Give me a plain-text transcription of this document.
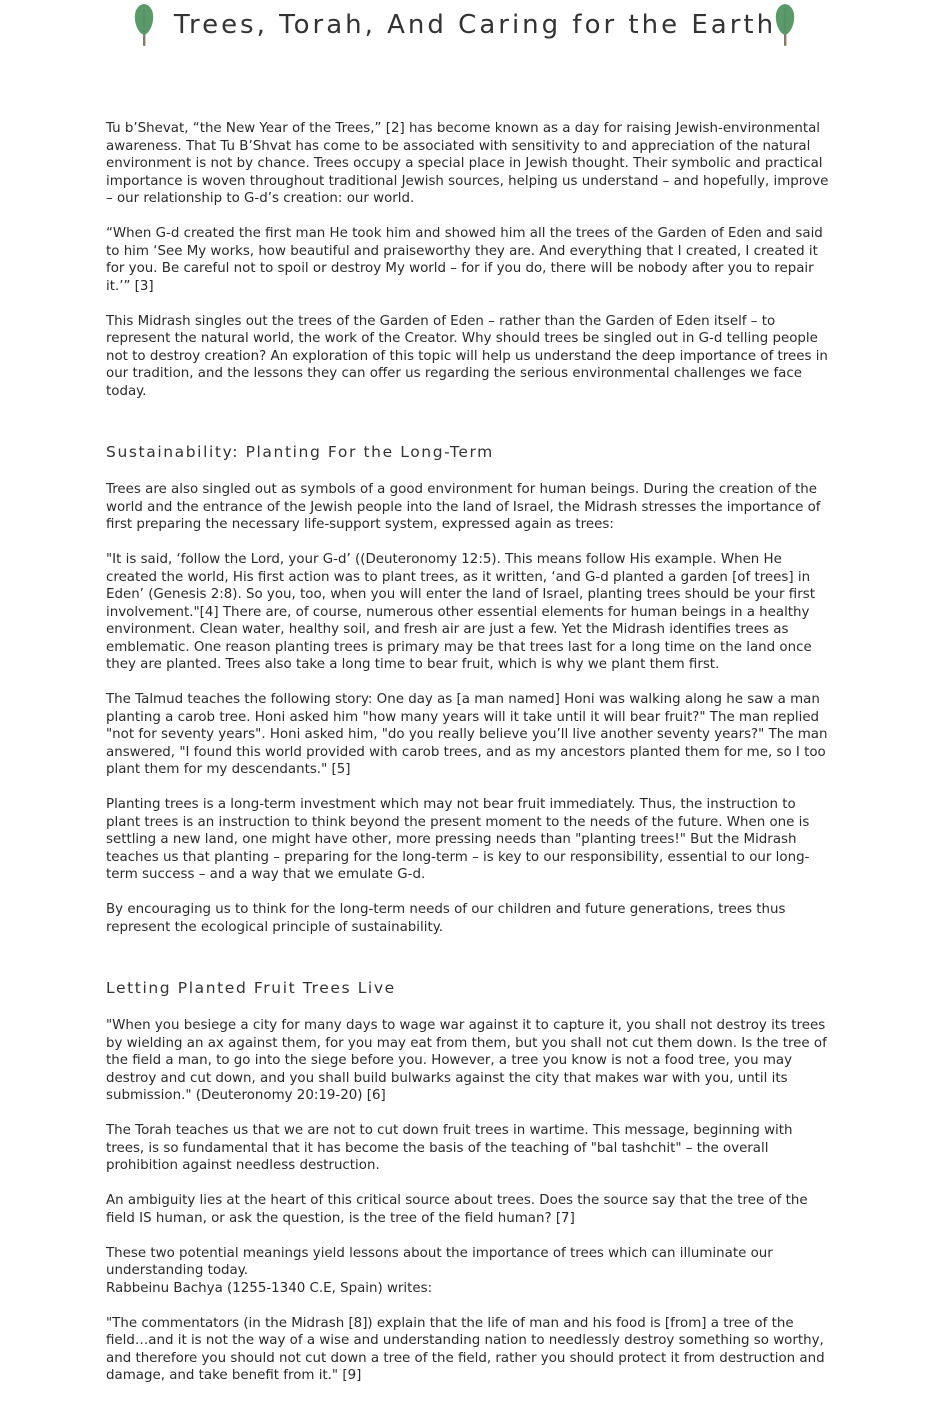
Trees, Torah, And Caring for the Earth

Tu b’Shevat, “the New Year of the Trees,” [2] has become known as a day for raising Jewish-environmental awareness. That Tu B’Shvat has come to be associated with sensitivity to and appreciation of the natural environment is not by chance. Trees occupy a special place in Jewish thought. Their symbolic and practical importance is woven throughout traditional Jewish sources, helping us understand – and hopefully, improve – our relationship to G-d’s creation: our world.

“When G-d created the first man He took him and showed him all the trees of the Garden of Eden and said to him ‘See My works, how beautiful and praiseworthy they are. And everything that I created, I created it for you. Be careful not to spoil or destroy My world – for if you do, there will be nobody after you to repair it.’” [3]

This Midrash singles out the trees of the Garden of Eden – rather than the Garden of Eden itself – to represent the natural world, the work of the Creator. Why should trees be singled out in G-d telling people not to destroy creation? An exploration of this topic will help us understand the deep importance of trees in our tradition, and the lessons they can offer us regarding the serious environmental challenges we face today.

Sustainability: Planting For the Long-Term

Trees are also singled out as symbols of a good environment for human beings. During the creation of the world and the entrance of the Jewish people into the land of Israel, the Midrash stresses the importance of first preparing the necessary life-support system, expressed again as trees:

"It is said, ‘follow the Lord, your G-d’ ((Deuteronomy 12:5). This means follow His example. When He created the world, His first action was to plant trees, as it written, ‘and G-d planted a garden [of trees] in Eden’ (Genesis 2:8). So you, too, when you will enter the land of Israel, planting trees should be your first involvement."[4] There are, of course, numerous other essential elements for human beings in a healthy environment. Clean water, healthy soil, and fresh air are just a few. Yet the Midrash identifies trees as emblematic. One reason planting trees is primary may be that trees last for a long time on the land once they are planted. Trees also take a long time to bear fruit, which is why we plant them first.

The Talmud teaches the following story: One day as [a man named] Honi was walking along he saw a man planting a carob tree. Honi asked him "how many years will it take until it will bear fruit?" The man replied "not for seventy years". Honi asked him, "do you really believe you’ll live another seventy years?" The man answered, "I found this world provided with carob trees, and as my ancestors planted them for me, so I too plant them for my descendants." [5]

Planting trees is a long-term investment which may not bear fruit immediately. Thus, the instruction to plant trees is an instruction to think beyond the present moment to the needs of the future. When one is settling a new land, one might have other, more pressing needs than "planting trees!" But the Midrash teaches us that planting – preparing for the long-term – is key to our responsibility, essential to our long-term success – and a way that we emulate G-d.

By encouraging us to think for the long-term needs of our children and future generations, trees thus represent the ecological principle of sustainability.

Letting Planted Fruit Trees Live

"When you besiege a city for many days to wage war against it to capture it, you shall not destroy its trees by wielding an ax against them, for you may eat from them, but you shall not cut them down. Is the tree of the field a man, to go into the siege before you. However, a tree you know is not a food tree, you may destroy and cut down, and you shall build bulwarks against the city that makes war with you, until its submission." (Deuteronomy 20:19-20) [6]

The Torah teaches us that we are not to cut down fruit trees in wartime. This message, beginning with trees, is so fundamental that it has become the basis of the teaching of "bal tashchit" – the overall prohibition against needless destruction.

An ambiguity lies at the heart of this critical source about trees. Does the source say that the tree of the field IS human, or ask the question, is the tree of the field human? [7]

These two potential meanings yield lessons about the importance of trees which can illuminate our understanding today.

Rabbeinu Bachya (1255-1340 C.E, Spain) writes:

"The commentators (in the Midrash [8]) explain that the life of man and his food is [from] a tree of the field…and it is not the way of a wise and understanding nation to needlessly destroy something so worthy, and therefore you should not cut down a tree of the field, rather you should protect it from destruction and damage, and take benefit from it." [9]
